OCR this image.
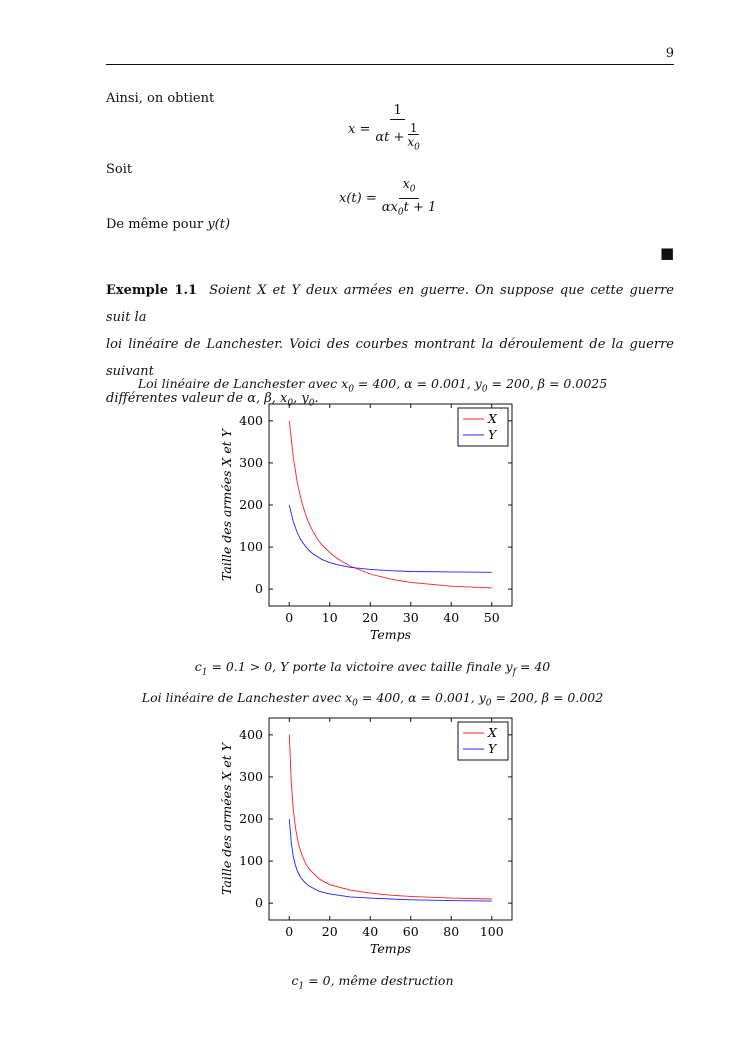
9
Ainsi, on obtient
$x = \frac{1}{\alpha t + \frac{1}{x_0}}$
Soit
$x(t) = \frac{x_0}{\alpha x_0t + 1}$
De même pour y(t)
■
Exemple 1.1 Soient X et Y deux armées en guerre. On suppose que cette guerre suit la
loi linéaire de Lanchester. Voici des courbes montrant la déroulement de la guerre suivant
différentes valeur de α, β, $x_0$, $y_0$.
Loi linéaire de Lanchester avec $x_0 = 400$, α = 0.001, $y_0 = 200$, β = 0.0025
0 10 20 30 40 50
0
100
200
300
400
Temps
Taille des armées X et Y
X
Y
$c_1 = 0.1 > 0$, Y porte la victoire avec taille finale $y_f = 40$
Loi linéaire de Lanchester avec $x_0 = 400$, α = 0.001, $y_0 = 200$, β = 0.002
0 20 40 60 80 100
0
100
200
300
400
Temps
Taille des armées X et Y
X
Y
$c_1 = 0$, même destruction
